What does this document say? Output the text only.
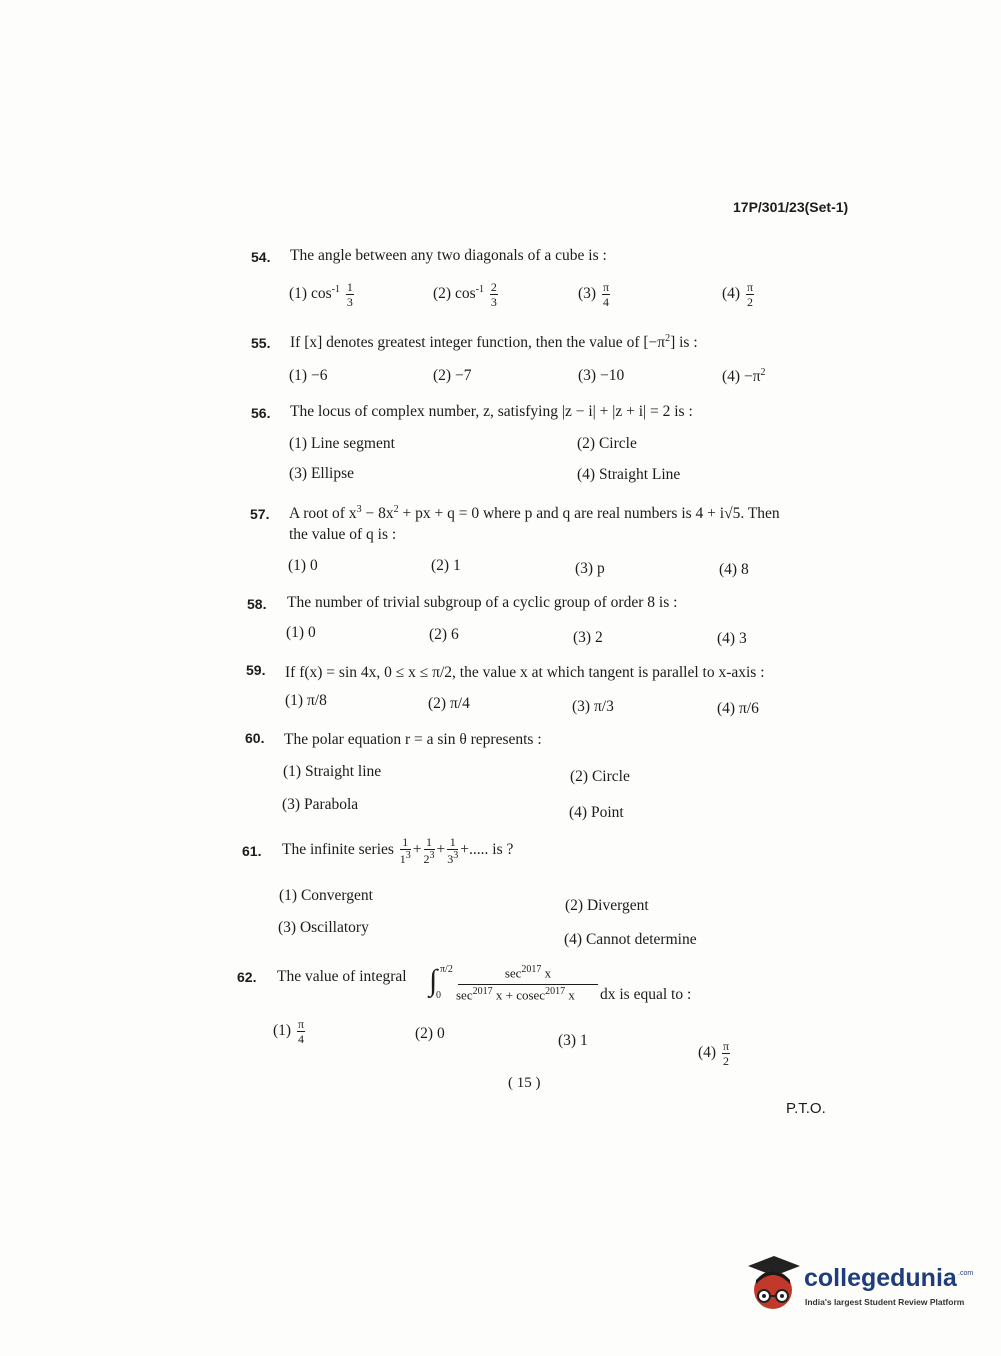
17P/301/23(Set-1)
54. The angle between any two diagonals of a cube is :
(1) $\cos^{-1} \frac{1}{3}$	(2) $\cos^{-1} \frac{2}{3}$	$(3) \frac{\pi}{4}$	$(4) \frac{\pi}{2}$
55. If [x] denotes greatest integer function, then the value of $[-\pi^2]$ is :
(1) −6	(2) −7	(3) −10	$(4) -\pi^2$
56. The locus of complex number, z, satisfying |z − i| + |z + i| = 2 is :
(1) Line segment	(2) Circle
(3) Ellipse	(4) Straight Line
57. A root of $x^3 - 8x^2$ + px + q = 0 where p and q are real numbers is 4 + i√5. Then
the value of q is :
(1) 0	(2) 1	(3) p	(4) 8
58. The number of trivial subgroup of a cyclic group of order 8 is :
(1) 0	(2) 6	(3) 2	(4) 3
59. If f(x) = sin 4x, 0 ≤ x ≤ π/2, the value x at which tangent is parallel to x-axis :
(1) π/8	(2) π/4	(3) π/3	(4) π/6
60. The polar equation r = a sin θ represents :
(1) Straight line	(2) Circle
(3) Parabola	(4) Point
61. The infinite series $\frac{1}{1^3} + \frac{1}{2^3} + \frac{1}{3^3}$ +..... is ?
(1) Convergent
(2) Divergent
(3) Oscillatory
(4) Cannot determine
62. The value of integral ∫ π/2
0
$\sec^{2017} x$
$\sec^{2017} x + cosec^{2017}$ x dx is equal to :
$(1) \frac{\pi}{4}$	(2) 0	(3) 1
$(4) \frac{\pi}{2}$
( 15 )
P.T.O.
collegedunia .com
India's largest Student Review Platform
